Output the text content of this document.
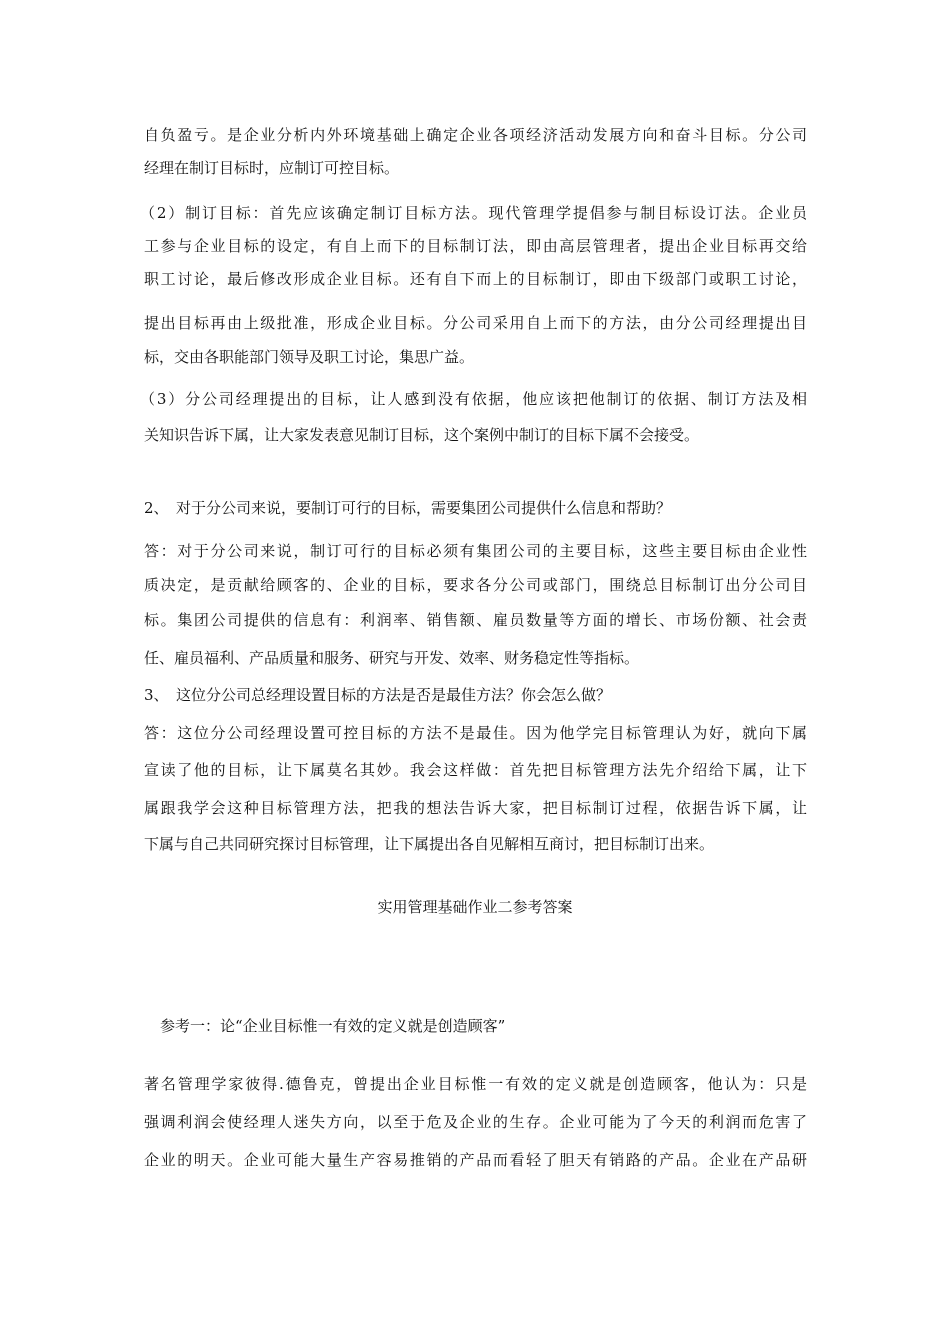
自负盈亏。是企业分析内外环境基础上确定企业各项经济活动发展方向和奋斗目标。分公司
经理在制订目标时，应制订可控目标。
（2）制订目标：首先应该确定制订目标方法。现代管理学提倡参与制目标设订法。企业员
工参与企业目标的设定，有自上而下的目标制订法，即由高层管理者，提出企业目标再交给
职工讨论，最后修改形成企业目标。还有自下而上的目标制订，即由下级部门或职工讨论，
提出目标再由上级批准，形成企业目标。分公司采用自上而下的方法，由分公司经理提出目
标，交由各职能部门领导及职工讨论，集思广益。
（3）分公司经理提出的目标，让人感到没有依据，他应该把他制订的依据、制订方法及相
关知识告诉下属，让大家发表意见制订目标，这个案例中制订的目标下属不会接受。
2、　对于分公司来说，要制订可行的目标，需要集团公司提供什么信息和帮助？
答：对于分公司来说，制订可行的目标必须有集团公司的主要目标，这些主要目标由企业性
质决定，是贡献给顾客的、企业的目标，要求各分公司或部门，围绕总目标制订出分公司目
标。集团公司提供的信息有：利润率、销售额、雇员数量等方面的增长、市场份额、社会责
任、雇员福利、产品质量和服务、研究与开发、效率、财务稳定性等指标。
3、　这位分公司总经理设置目标的方法是否是最佳方法？你会怎么做？
答：这位分公司经理设置可控目标的方法不是最佳。因为他学完目标管理认为好，就向下属
宣读了他的目标，让下属莫名其妙。我会这样做：首先把目标管理方法先介绍给下属，让下
属跟我学会这种目标管理方法，把我的想法告诉大家，把目标制订过程，依据告诉下属，让
下属与自己共同研究探讨目标管理，让下属提出各自见解相互商讨，把目标制订出来。
实用管理基础作业二参考答案
参考一：论“企业目标惟一有效的定义就是创造顾客”
著名管理学家彼得.德鲁克，曾提出企业目标惟一有效的定义就是创造顾客，他认为：只是
强调利润会使经理人迷失方向，以至于危及企业的生存。企业可能为了今天的利润而危害了
企业的明天。企业可能大量生产容易推销的产品而看轻了胆天有销路的产品。企业在产品研
